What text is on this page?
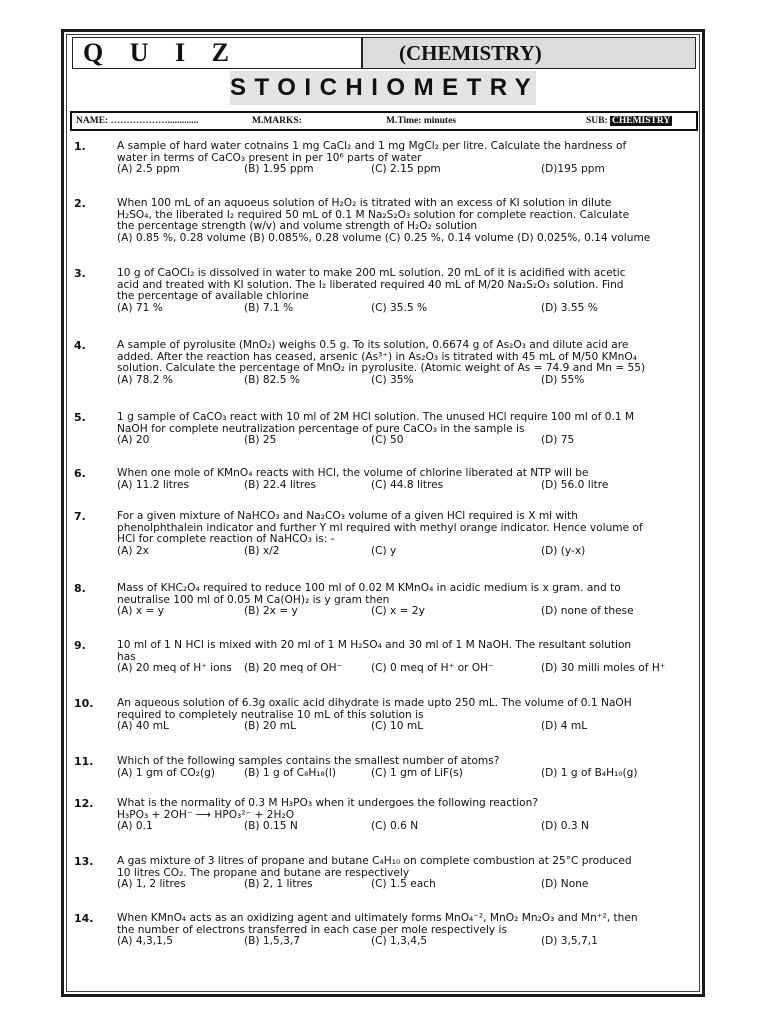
Q U I Z	(CHEMISTRY)
STOICHIOMETRY
NAME: ……………….............	M.MARKS:	M.Time: minutes	SUB: CHEMISTRY
1.	A sample of hard water cotnains 1 mg CaCl₂ and 1 mg MgCl₂ per litre. Calculate the hardness of
water in terms of CaCO₃ present in per 10⁶ parts of water
(A) 2.5 ppm	(B) 1.95 ppm	(C) 2.15 ppm	(D)195 ppm
2.	When 100 mL of an aquoeus solution of H₂O₂ is titrated with an excess of KI solution in dilute
H₂SO₄, the liberated I₂ required 50 mL of 0.1 M Na₂S₂O₃ solution for complete reaction. Calculate
the percentage strength (w/v) and volume strength of H₂O₂ solution
(A) 0.85 %, 0.28 volume (B) 0.085%, 0.28 volume (C) 0.25 %, 0.14 volume (D) 0.025%, 0.14 volume
3.	10 g of CaOCl₂ is dissolved in water to make 200 mL solution. 20 mL of it is acidified with acetic
acid and treated with KI solution. The I₂ liberated required 40 mL of M/20 Na₂S₂O₃ solution. Find
the percentage of available chlorine
(A) 71 %	(B) 7.1 %	(C) 35.5 %	(D) 3.55 %
4.	A sample of pyrolusite (MnO₂) weighs 0.5 g. To its solution, 0.6674 g of As₂O₃ and dilute acid are
added. After the reaction has ceased, arsenic (As³⁺) in As₂O₃ is titrated with 45 mL of M/50 KMnO₄
solution. Calculate the percentage of MnO₂ in pyrolusite. (Atomic weight of As = 74.9 and Mn = 55)
(A) 78.2 %	(B) 82.5 %	(C) 35%	(D) 55%
5.	1 g sample of CaCO₃ react with 10 ml of 2M HCl solution. The unused HCl require 100 ml of 0.1 M
NaOH for complete neutralization percentage of pure CaCO₃ in the sample is
(A) 20	(B) 25	(C) 50	(D) 75
6.	When one mole of KMnO₄ reacts with HCl, the volume of chlorine liberated at NTP will be
(A) 11.2 litres	(B) 22.4 litres	(C) 44.8 litres	(D) 56.0 litre
7.	For a given mixture of NaHCO₃ and Na₂CO₃ volume of a given HCl required is X ml with
phenolphthalein indicator and further Y ml required with methyl orange indicator. Hence volume of
HCl for complete reaction of NaHCO₃ is: -
(A) 2x	(B) x/2	(C) y	(D) (y-x)
8.	Mass of KHC₂O₄ required to reduce 100 ml of 0.02 M KMnO₄ in acidic medium is x gram. and to
neutralise 100 ml of 0.05 M Ca(OH)₂ is y gram then
(A) x = y	(B) 2x = y	(C) x = 2y	(D) none of these
9.	10 ml of 1 N HCl is mixed with 20 ml of 1 M H₂SO₄ and 30 ml of 1 M NaOH. The resultant solution
has
(A) 20 meq of H⁺ ions (B) 20 meq of OH⁻	(C) 0 meq of H⁺ or OH⁻	(D) 30 milli moles of H⁺
10. An aqueous solution of 6.3g oxalic acid dihydrate is made upto 250 mL. The volume of 0.1 NaOH
required to completely neutralise 10 mL of this solution is
(A) 40 mL	(B) 20 mL	(C) 10 mL	(D) 4 mL
11. Which of the following samples contains the smallest number of atoms?
(A) 1 gm of CO₂(g)	(B) 1 g of C₈H₁₈(l)	(C) 1 gm of LiF(s)	(D) 1 g of B₄H₁₀(g)
12. What is the normality of 0.3 M H₃PO₃ when it undergoes the following reaction?
H₃PO₃ + 2OH⁻ ⟶ HPO₃²⁻ + 2H₂O
(A) 0.1	(B) 0.15 N	(C) 0.6 N	(D) 0.3 N
13. A gas mixture of 3 litres of propane and butane C₄H₁₀ on complete combustion at 25°C produced
10 litres CO₂. The propane and butane are respectively
(A) 1, 2 litres	(B) 2, 1 litres	(C) 1.5 each	(D) None
14. When KMnO₄ acts as an oxidizing agent and ultimately forms MnO₄⁻², MnO₂ Mn₂O₃ and Mn⁺², then
the number of electrons transferred in each case per mole respectively is
(A) 4,3,1,5	(B) 1,5,3,7	(C) 1,3,4,5	(D) 3,5,7,1
